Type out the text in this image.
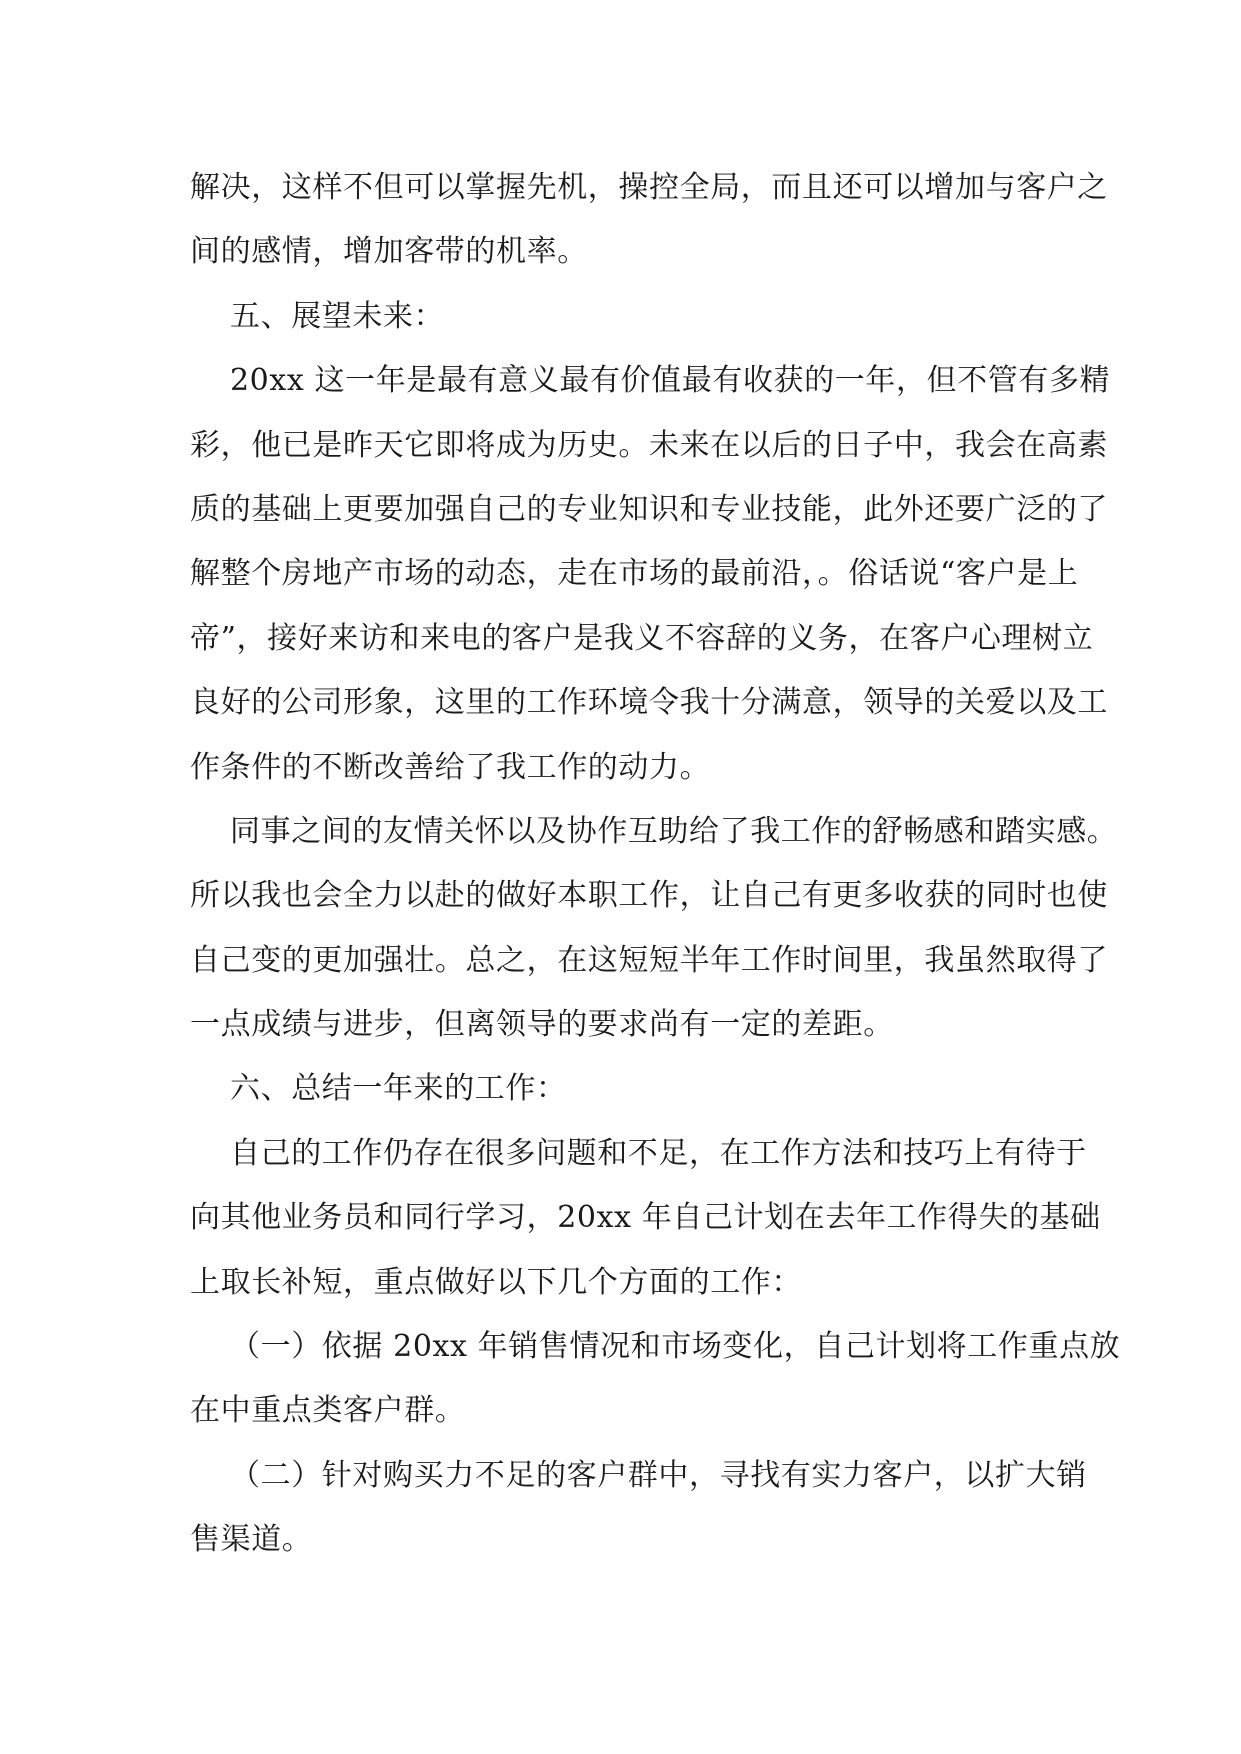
解决，这样不但可以掌握先机，操控全局，而且还可以增加与客户之
间的感情，增加客带的机率。
五、展望未来：
20xx 这一年是最有意义最有价值最有收获的一年，但不管有多精
彩，他已是昨天它即将成为历史。未来在以后的日子中，我会在高素
质的基础上更要加强自己的专业知识和专业技能，此外还要广泛的了
解整个房地产市场的动态，走在市场的最前沿，。俗话说“客户是上
帝”，接好来访和来电的客户是我义不容辞的义务，在客户心理树立
良好的公司形象，这里的工作环境令我十分满意，领导的关爱以及工
作条件的不断改善给了我工作的动力。
同事之间的友情关怀以及协作互助给了我工作的舒畅感和踏实感。
所以我也会全力以赴的做好本职工作，让自己有更多收获的同时也使
自己变的更加强壮。总之，在这短短半年工作时间里，我虽然取得了
一点成绩与进步，但离领导的要求尚有一定的差距。
六、总结一年来的工作：
自己的工作仍存在很多问题和不足，在工作方法和技巧上有待于
向其他业务员和同行学习，20xx 年自己计划在去年工作得失的基础
上取长补短，重点做好以下几个方面的工作：
（一）依据 20xx 年销售情况和市场变化，自己计划将工作重点放
在中重点类客户群。
（二）针对购买力不足的客户群中，寻找有实力客户，以扩大销
售渠道。
